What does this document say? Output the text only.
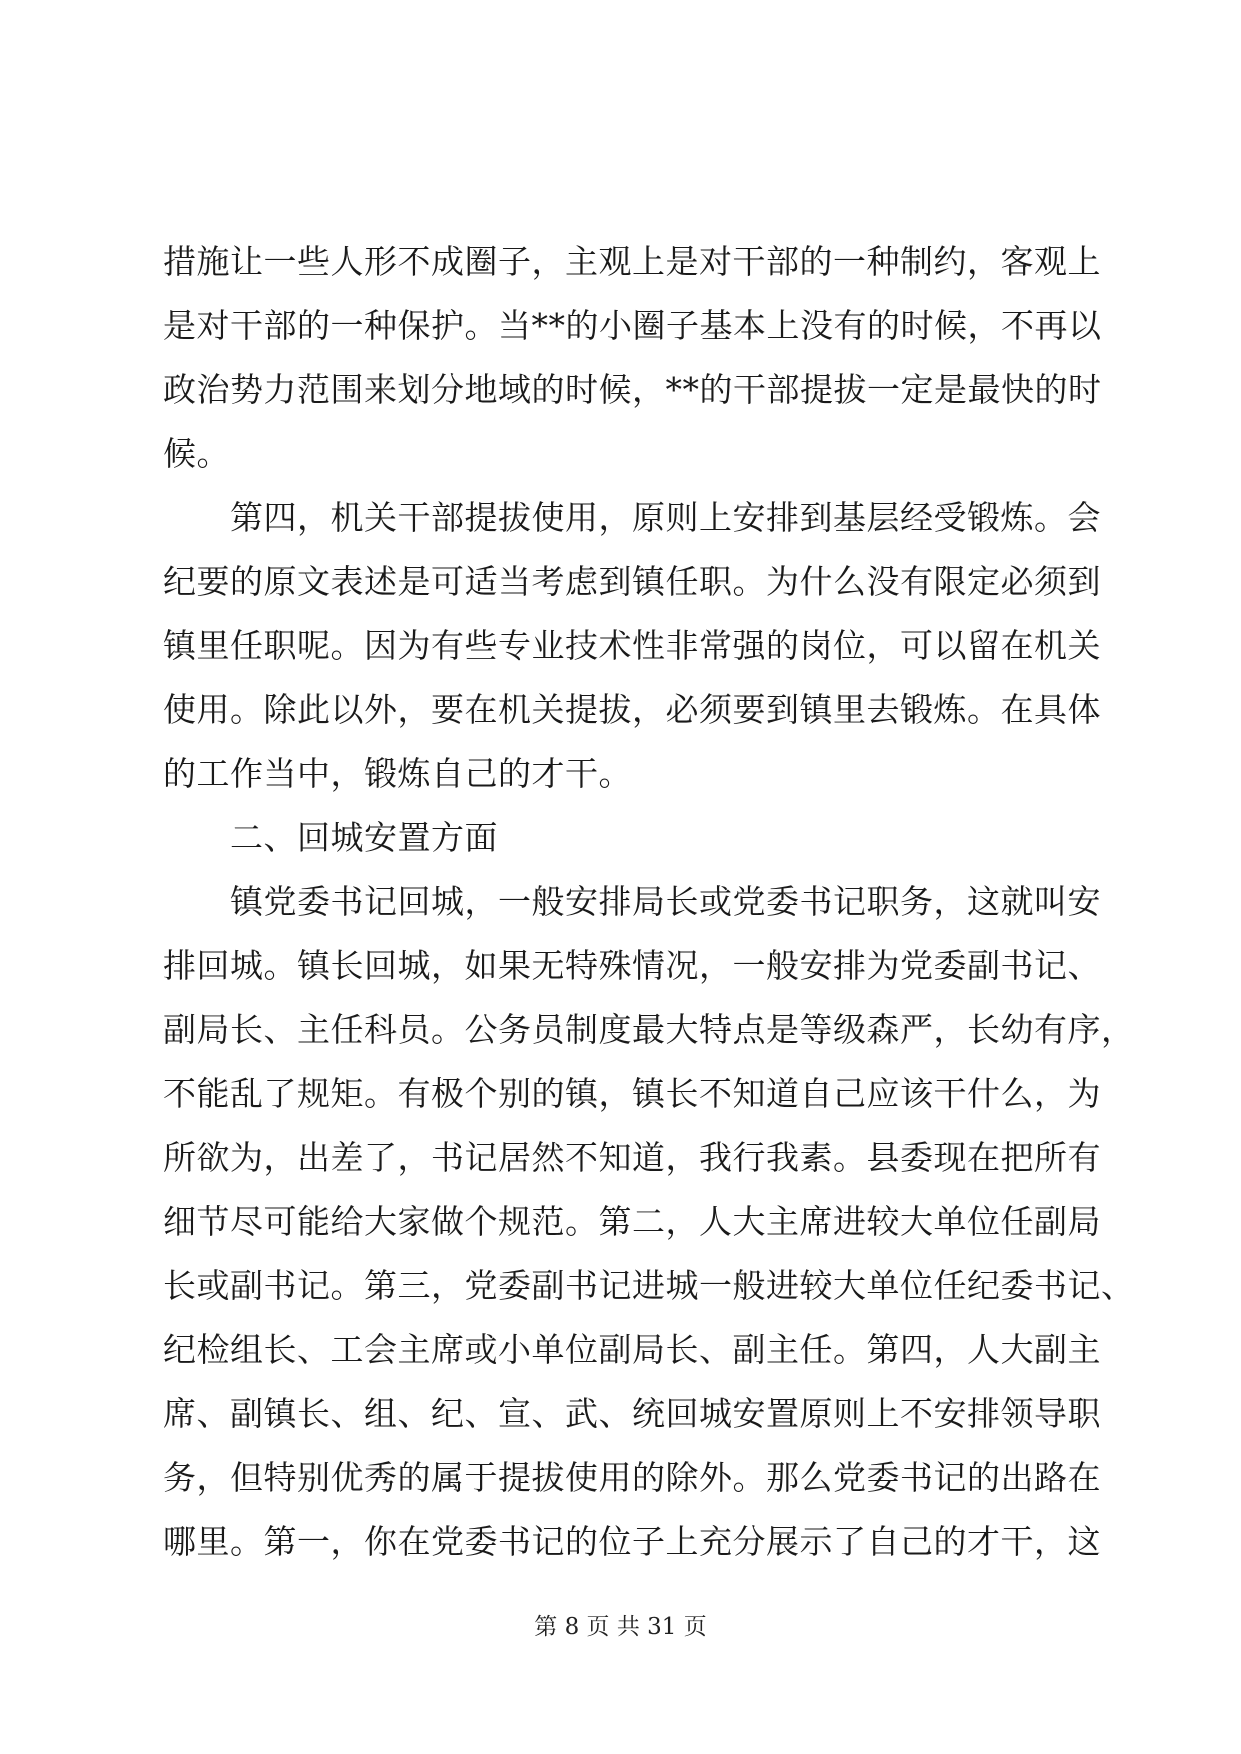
措施让一些人形不成圈子，主观上是对干部的一种制约，客观上
是对干部的一种保护。当**的小圈子基本上没有的时候，不再以
政治势力范围来划分地域的时候，**的干部提拔一定是最快的时
候。
　　第四，机关干部提拔使用，原则上安排到基层经受锻炼。会
纪要的原文表述是可适当考虑到镇任职。为什么没有限定必须到
镇里任职呢。因为有些专业技术性非常强的岗位，可以留在机关
使用。除此以外，要在机关提拔，必须要到镇里去锻炼。在具体
的工作当中，锻炼自己的才干。
　　二、回城安置方面
　　镇党委书记回城，一般安排局长或党委书记职务，这就叫安
排回城。镇长回城，如果无特殊情况，一般安排为党委副书记、
副局长、主任科员。公务员制度最大特点是等级森严，长幼有序，
不能乱了规矩。有极个别的镇，镇长不知道自己应该干什么，为
所欲为，出差了，书记居然不知道，我行我素。县委现在把所有
细节尽可能给大家做个规范。第二，人大主席进较大单位任副局
长或副书记。第三，党委副书记进城一般进较大单位任纪委书记、
纪检组长、工会主席或小单位副局长、副主任。第四，人大副主
席、副镇长、组、纪、宣、武、统回城安置原则上不安排领导职
务，但特别优秀的属于提拔使用的除外。那么党委书记的出路在
哪里。第一，你在党委书记的位子上充分展示了自己的才干，这
第 8 页 共 31 页
